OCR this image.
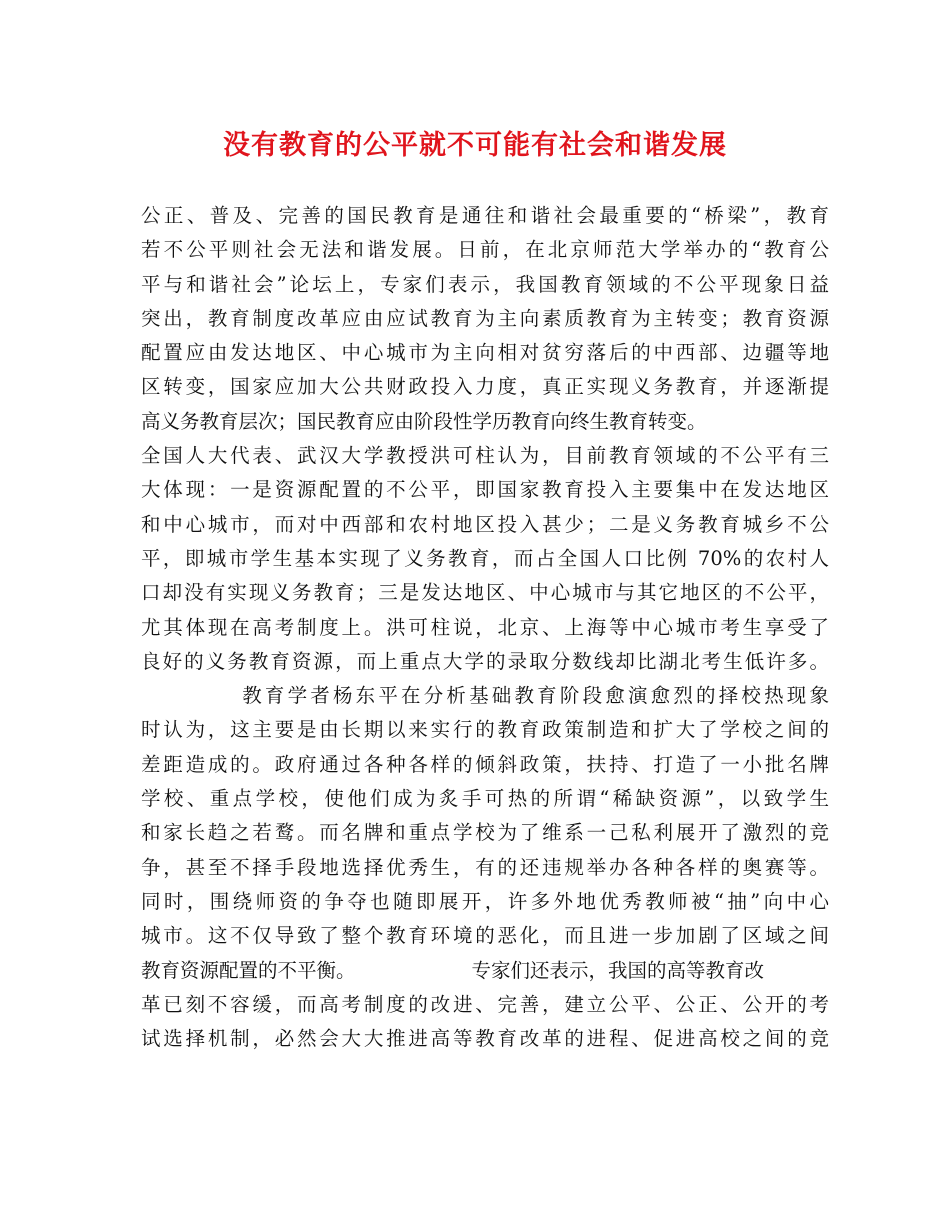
没有教育的公平就不可能有社会和谐发展
公正、普及、完善的国民教育是通往和谐社会最重要的“桥梁”，教育
若不公平则社会无法和谐发展。日前，在北京师范大学举办的“教育公
平与和谐社会”论坛上，专家们表示，我国教育领域的不公平现象日益
突出，教育制度改革应由应试教育为主向素质教育为主转变；教育资源
配置应由发达地区、中心城市为主向相对贫穷落后的中西部、边疆等地
区转变，国家应加大公共财政投入力度，真正实现义务教育，并逐渐提
高义务教育层次；国民教育应由阶段性学历教育向终生教育转变。
全国人大代表、武汉大学教授洪可柱认为，目前教育领域的不公平有三
大体现：一是资源配置的不公平，即国家教育投入主要集中在发达地区
和中心城市，而对中西部和农村地区投入甚少；二是义务教育城乡不公
平，即城市学生基本实现了义务教育，而占全国人口比例 70%的农村人
口却没有实现义务教育；三是发达地区、中心城市与其它地区的不公平，
尤其体现在高考制度上。洪可柱说，北京、上海等中心城市考生享受了
良好的义务教育资源，而上重点大学的录取分数线却比湖北考生低许多。
教育学者杨东平在分析基础教育阶段愈演愈烈的择校热现象
时认为，这主要是由长期以来实行的教育政策制造和扩大了学校之间的
差距造成的。政府通过各种各样的倾斜政策，扶持、打造了一小批名牌
学校、重点学校，使他们成为炙手可热的所谓“稀缺资源”，以致学生
和家长趋之若鹜。而名牌和重点学校为了维系一己私利展开了激烈的竞
争，甚至不择手段地选择优秀生，有的还违规举办各种各样的奥赛等。
同时，围绕师资的争夺也随即展开，许多外地优秀教师被“抽”向中心
城市。这不仅导致了整个教育环境的恶化，而且进一步加剧了区域之间
教育资源配置的不平衡。	专家们还表示，我国的高等教育改
革已刻不容缓，而高考制度的改进、完善，建立公平、公正、公开的考
试选择机制，必然会大大推进高等教育改革的进程、促进高校之间的竞
